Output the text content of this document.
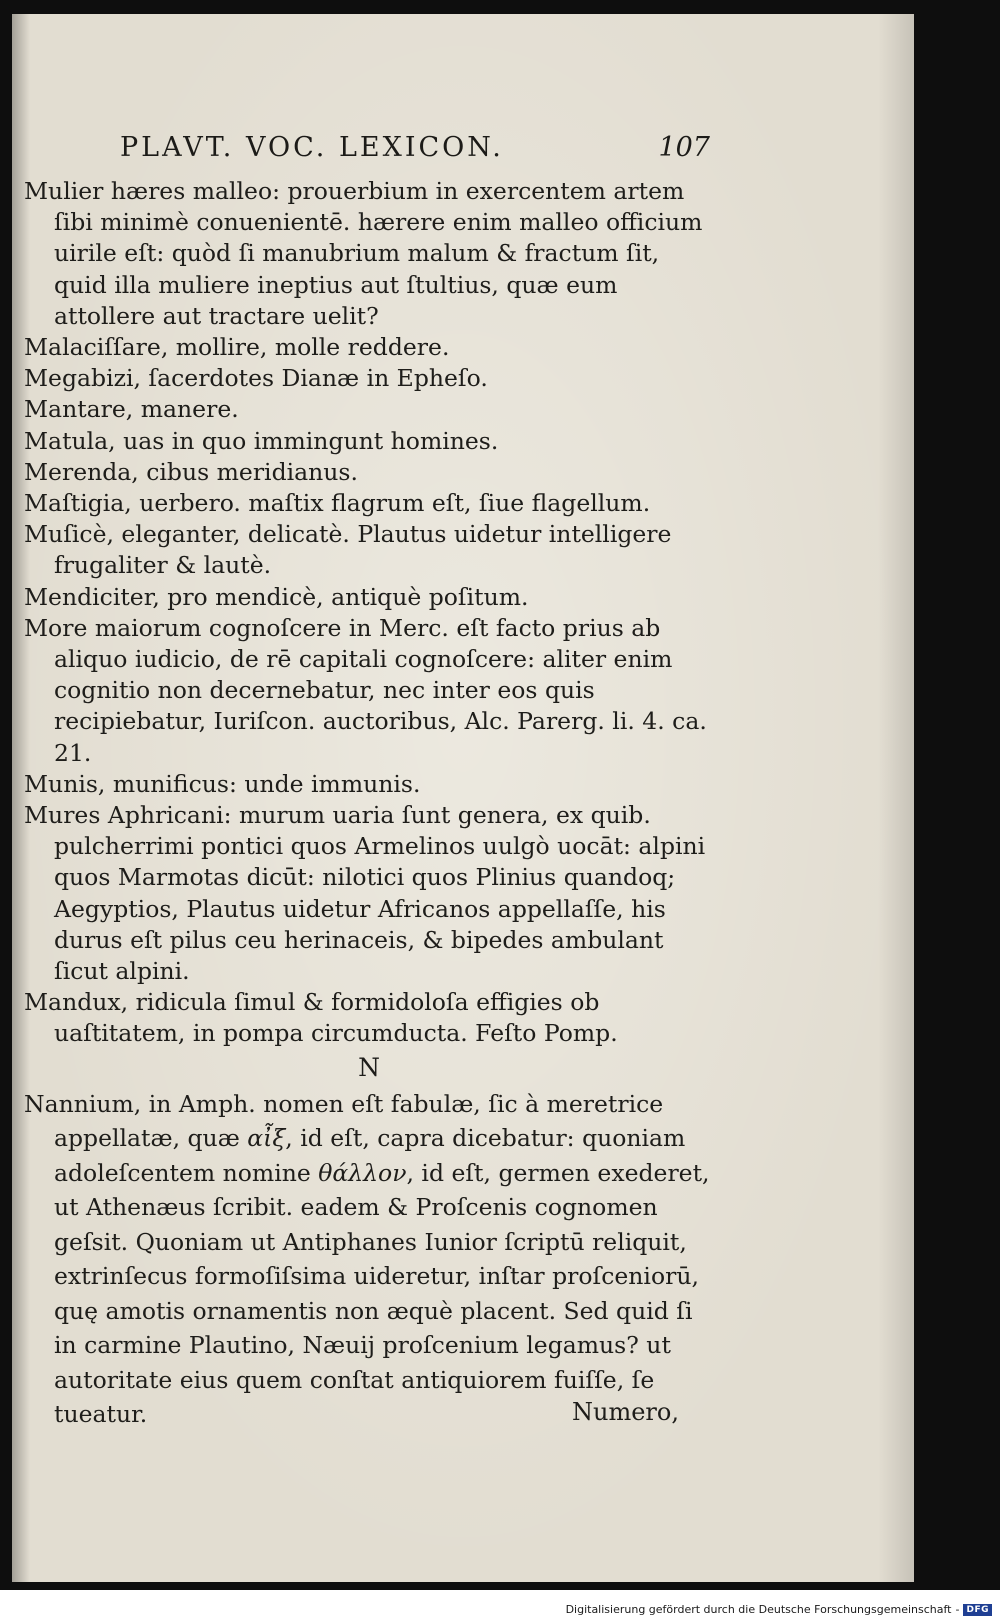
PLAVT. VOC. LEXICON.	107

Mulier hæres malleo: prouerbium in exercentem artem ſibi minimè conuenientē. hærere enim malleo officium uirile eſt: quòd ſi manubrium malum & fractum ſit, quid illa muliere ineptius aut ſtultius, quæ eum attollere aut tractare uelit?

Malaciſſare, mollire, molle reddere.

Megabizi, ſacerdotes Dianæ in Epheſo.

Mantare, manere.

Matula, uas in quo immingunt homines.

Merenda, cibus meridianus.

Maſtigia, uerbero. maſtix flagrum eſt, ſiue flagellum.

Muſicè, eleganter, delicatè. Plautus uidetur intelligere frugaliter & lautè.

Mendiciter, pro mendicè, antiquè poſitum.

More maiorum cognoſcere in Merc. eſt facto prius ab aliquo iudicio, de rē capitali cognoſcere: aliter enim cognitio non decernebatur, nec inter eos quis recipiebatur, Iuriſcon. auctoribus, Alc. Parerg. li. 4. ca. 21.

Munis, munificus: unde immunis.

Mures Aphricani: murum uaria ſunt genera, ex quib. pulcherrimi pontici quos Armelinos uulgò uocāt: alpini quos Marmotas dicūt: nilotici quos Plinius quandoq; Aegyptios, Plautus uidetur Africanos appellaſſe, his durus eſt pilus ceu herinaceis, & bipedes ambulant ſicut alpini.

Mandux, ridicula ſimul & formidoloſa effigies ob uaſtitatem, in pompa circumducta. Feſto Pomp.

N

Nannium, in Amph. nomen eſt fabulæ, ſic à meretrice appellatæ, quæ αἶξ, id eſt, capra dicebatur: quoniam adoleſcentem nomine θάλλον, id eſt, germen exederet, ut Athenæus ſcribit. eadem & Proſcenis cognomen geſsit. Quoniam ut Antiphanes Iunior ſcriptū reliquit, extrinſecus formoſiſsima uideretur, inſtar proſceniorū, quę amotis ornamentis non æquè placent. Sed quid ſi in carmine Plautino, Næuij proſcenium legamus? ut autoritate eius quem conſtat antiquiorem fuiſſe, ſe tueatur.	Numero,
Digitalisierung gefördert durch die Deutsche Forschungsgemeinschaft - DFG
